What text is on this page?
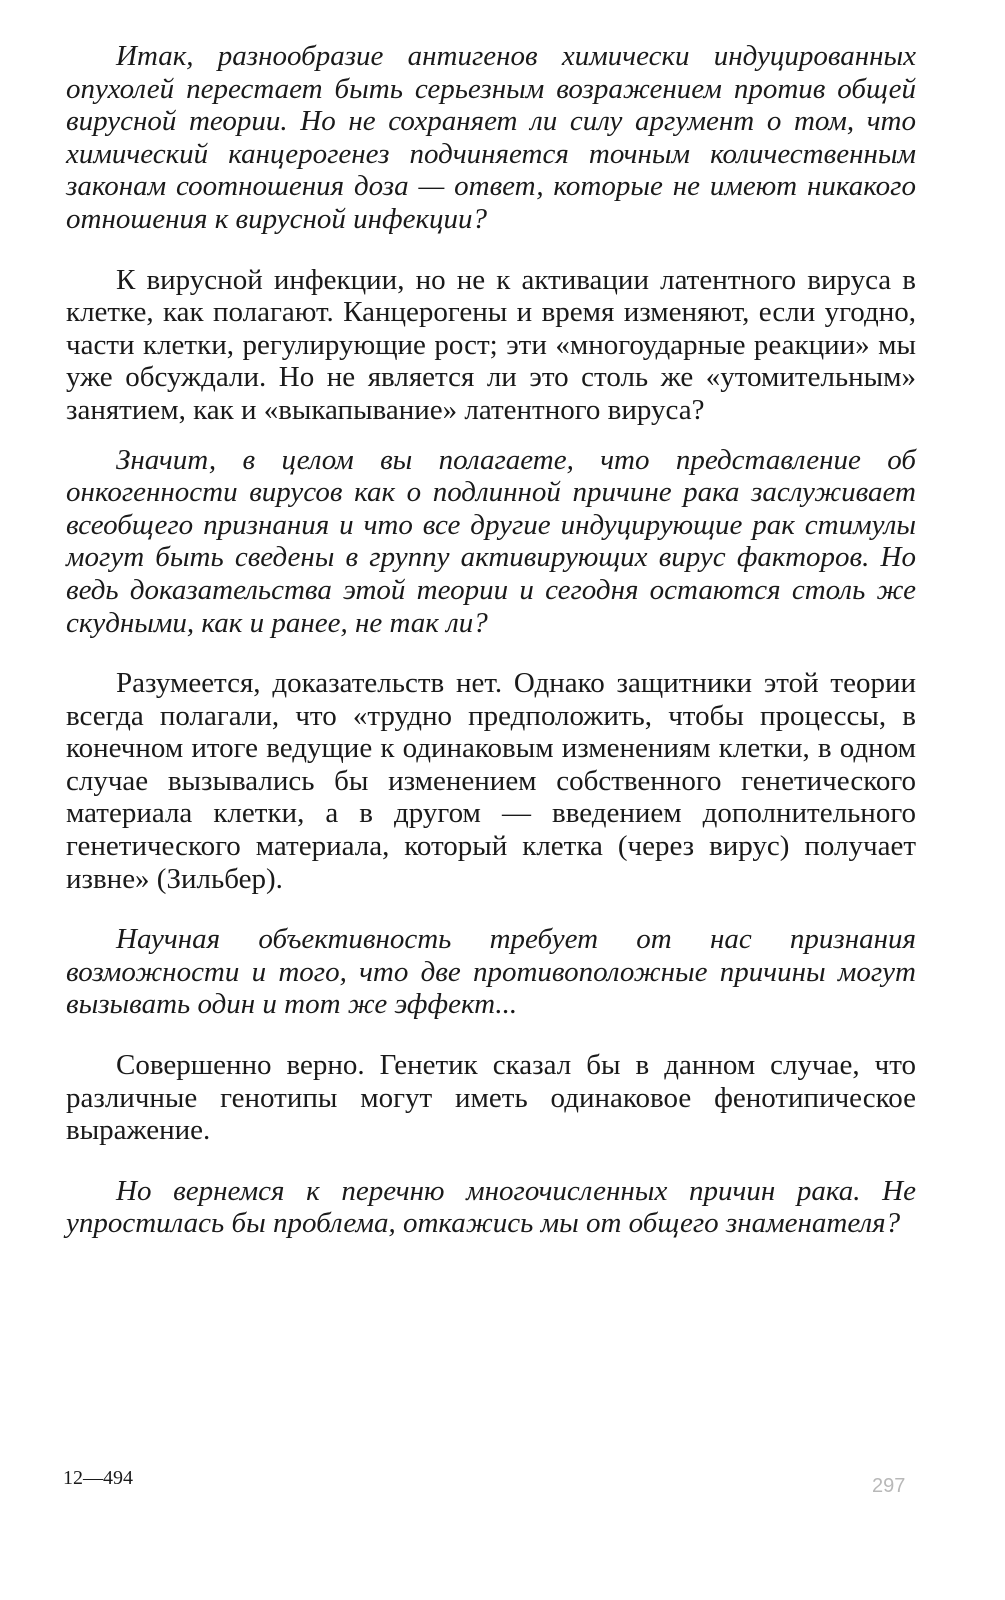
Итак, разнообразие антигенов химически индуцированных опухолей перестает быть серьезным возражением против общей вирусной теории. Но не сохраняет ли силу аргумент о том, что химический канцерогенез подчиняется точным количественным законам соотношения доза — ответ, которые не имеют никакого отношения к вирусной инфекции?

К вирусной инфекции, но не к активации латентного вируса в клетке, как полагают. Канцерогены и время изменяют, если угодно, части клетки, регулирующие рост; эти «многоударные реакции» мы уже обсуждали. Но не является ли это столь же «утомительным» занятием, как и «выкапывание» латентного вируса?

Значит, в целом вы полагаете, что представление об онкогенности вирусов как о подлинной причине рака заслуживает всеобщего признания и что все другие индуцирующие рак стимулы могут быть сведены в группу активирующих вирус факторов. Но ведь доказательства этой теории и сегодня остаются столь же скудными, как и ранее, не так ли?

Разумеется, доказательств нет. Однако защитники этой теории всегда полагали, что «трудно предположить, чтобы процессы, в конечном итоге ведущие к одинаковым изменениям клетки, в одном случае вызывались бы изменением собственного генетического материала клетки, а в другом — введением дополнительного генетического материала, который клетка (через вирус) получает извне» (Зильбер).

Научная объективность требует от нас признания возможности и того, что две противоположные причины могут вызывать один и тот же эффект...

Совершенно верно. Генетик сказал бы в данном случае, что различные генотипы могут иметь одинаковое фенотипическое выражение.

Но вернемся к перечню многочисленных причин рака. Не упростилась бы проблема, откажись мы от общего знаменателя?

12—494	297
